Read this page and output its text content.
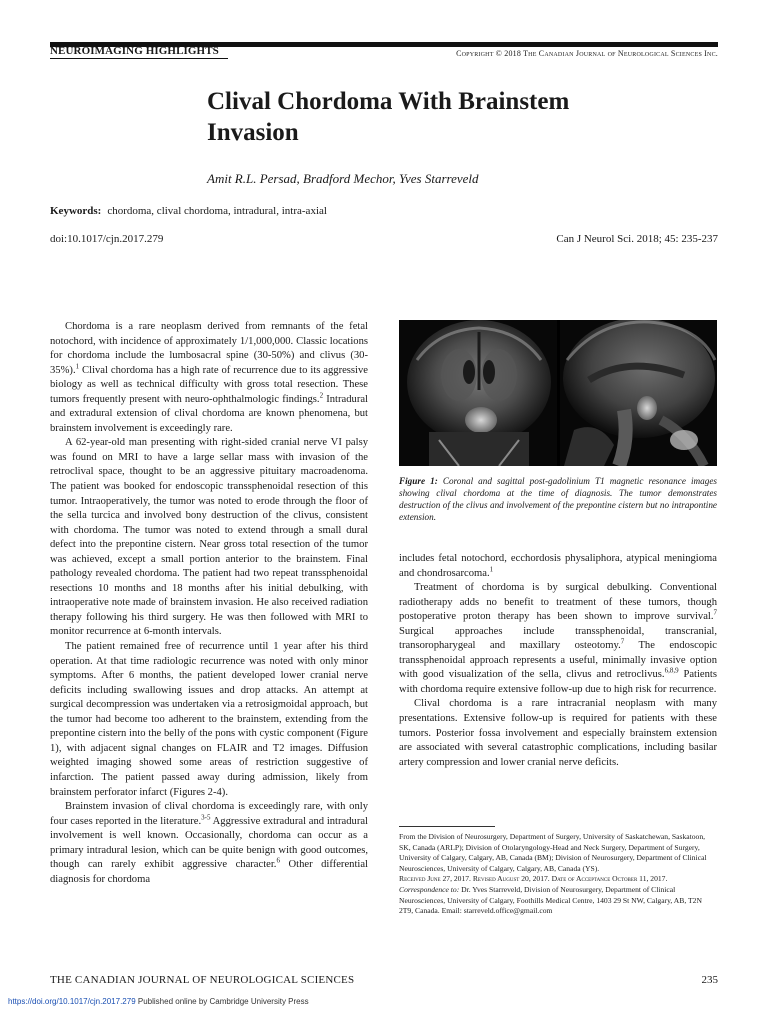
NEUROIMAGING HIGHLIGHTS	Copyright © 2018 The Canadian Journal of Neurological Sciences Inc.
Clival Chordoma With Brainstem
Invasion
Amit R.L. Persad, Bradford Mechor, Yves Starreveld
Keywords: chordoma, clival chordoma, intradural, intra-axial
doi:10.1017/cjn.2017.279	Can J Neurol Sci. 2018; 45: 235-237

Chordoma is a rare neoplasm derived from remnants of the fetal notochord, with incidence of approximately 1/1,000,000. Classic locations for chordoma include the lumbosacral spine (30-50%) and clivus (30-35%).$^1$ Clival chordoma has a high rate of recurrence due to its aggressive biology as well as technical difficulty with gross total resection. These tumors frequently present with neuro-ophthalmologic findings.$^2$ Intradural and extradural extension of clival chordoma are known phenomena, but brainstem involvement is exceedingly rare.

A 62-year-old man presenting with right-sided cranial nerve VI palsy was found on MRI to have a large sellar mass with invasion of the retroclival space, thought to be an aggressive pituitary macroadenoma. The patient was booked for endoscopic transsphenoidal resection of this tumor. Intraoperatively, the tumor was noted to erode through the floor of the sella turcica and involved bony destruction of the clivus, consistent with chordoma. The tumor was noted to extend through a small dural defect into the prepontine cistern. Near gross total resection of the tumor was achieved, except a small portion anterior to the brainstem. Final pathology revealed chordoma. The patient had two repeat transsphenoidal resections 10 months and 18 months after his initial debulking, with intraoperative note made of brainstem invasion. He also received radiation therapy following his third surgery. He was then followed with MRI to monitor recurrence at 6-month intervals.

The patient remained free of recurrence until 1 year after his third operation. At that time radiologic recurrence was noted with only minor symptoms. After 6 months, the patient developed lower cranial nerve deficits including swallowing issues and drop attacks. An attempt at surgical decompression was undertaken via a retrosigmoidal approach, but the tumor had become too adherent to the brainstem, extending from the prepontine cistern into the belly of the pons with cystic component (Figure 1), with adjacent signal changes on FLAIR and T2 images. Diffusion weighted imaging showed some areas of restriction suggestive of infarction. The patient passed away during admission, likely from brainstem perforator infarct (Figures 2-4).

Brainstem invasion of clival chordoma is exceedingly rare, with only four cases reported in the literature.$^{3-5}$ Aggressive extradural and intradural involvement is well known. Occasionally, chordoma can occur as a primary intradural lesion, which can be quite benign with good outcomes, though can rarely exhibit aggressive character.$^6$ Other differential diagnosis for chordoma

Figure 1: Coronal and sagittal post-gadolinium T1 magnetic resonance images showing clival chordoma at the time of diagnosis. The tumor demonstrates destruction of the clivus and involvement of the prepontine cistern but no intrapontine extension.

includes fetal notochord, ecchordosis physaliphora, atypical meningioma and chondrosarcoma.$^1$

Treatment of chordoma is by surgical debulking. Conventional radiotherapy adds no benefit to treatment of these tumors, though postoperative proton therapy has been shown to improve survival.$^7$ Surgical approaches include transsphenoidal, transcranial, transoropharygeal and maxillary osteotomy.$^7$ The endoscopic transsphenoidal approach represents a useful, minimally invasive option with good visualization of the sella, clivus and retroclivus.$^{6,8,9}$ Patients with chordoma require extensive follow-up due to high risk for recurrence.

Clival chordoma is a rare intracranial neoplasm with many presentations. Extensive follow-up is required for patients with these tumors. Posterior fossa involvement and especially brainstem extension are associated with several catastrophic complications, including basilar artery compression and lower cranial nerve deficits.

From the Division of Neurosurgery, Department of Surgery, University of Saskatchewan, Saskatoon, SK, Canada (ARLP); Division of Otolaryngology-Head and Neck Surgery, Department of Surgery, University of Calgary, Calgary, AB, Canada (BM); Division of Neurosurgery, Department of Clinical Neurosciences, University of Calgary, Calgary, AB, Canada (YS).
Received June 27, 2017. Revised August 20, 2017. Date of Acceptance October 11, 2017.
Correspondence to: Dr. Yves Starreveld, Division of Neurosurgery, Department of Clinical Neurosciences, University of Calgary, Foothills Medical Centre, 1403 29 St NW, Calgary, AB, T2N 2T9, Canada. Email: starreveld.office@gmail.com
THE CANADIAN JOURNAL OF NEUROLOGICAL SCIENCES	235
https://doi.org/10.1017/cjn.2017.279 Published online by Cambridge University Press
